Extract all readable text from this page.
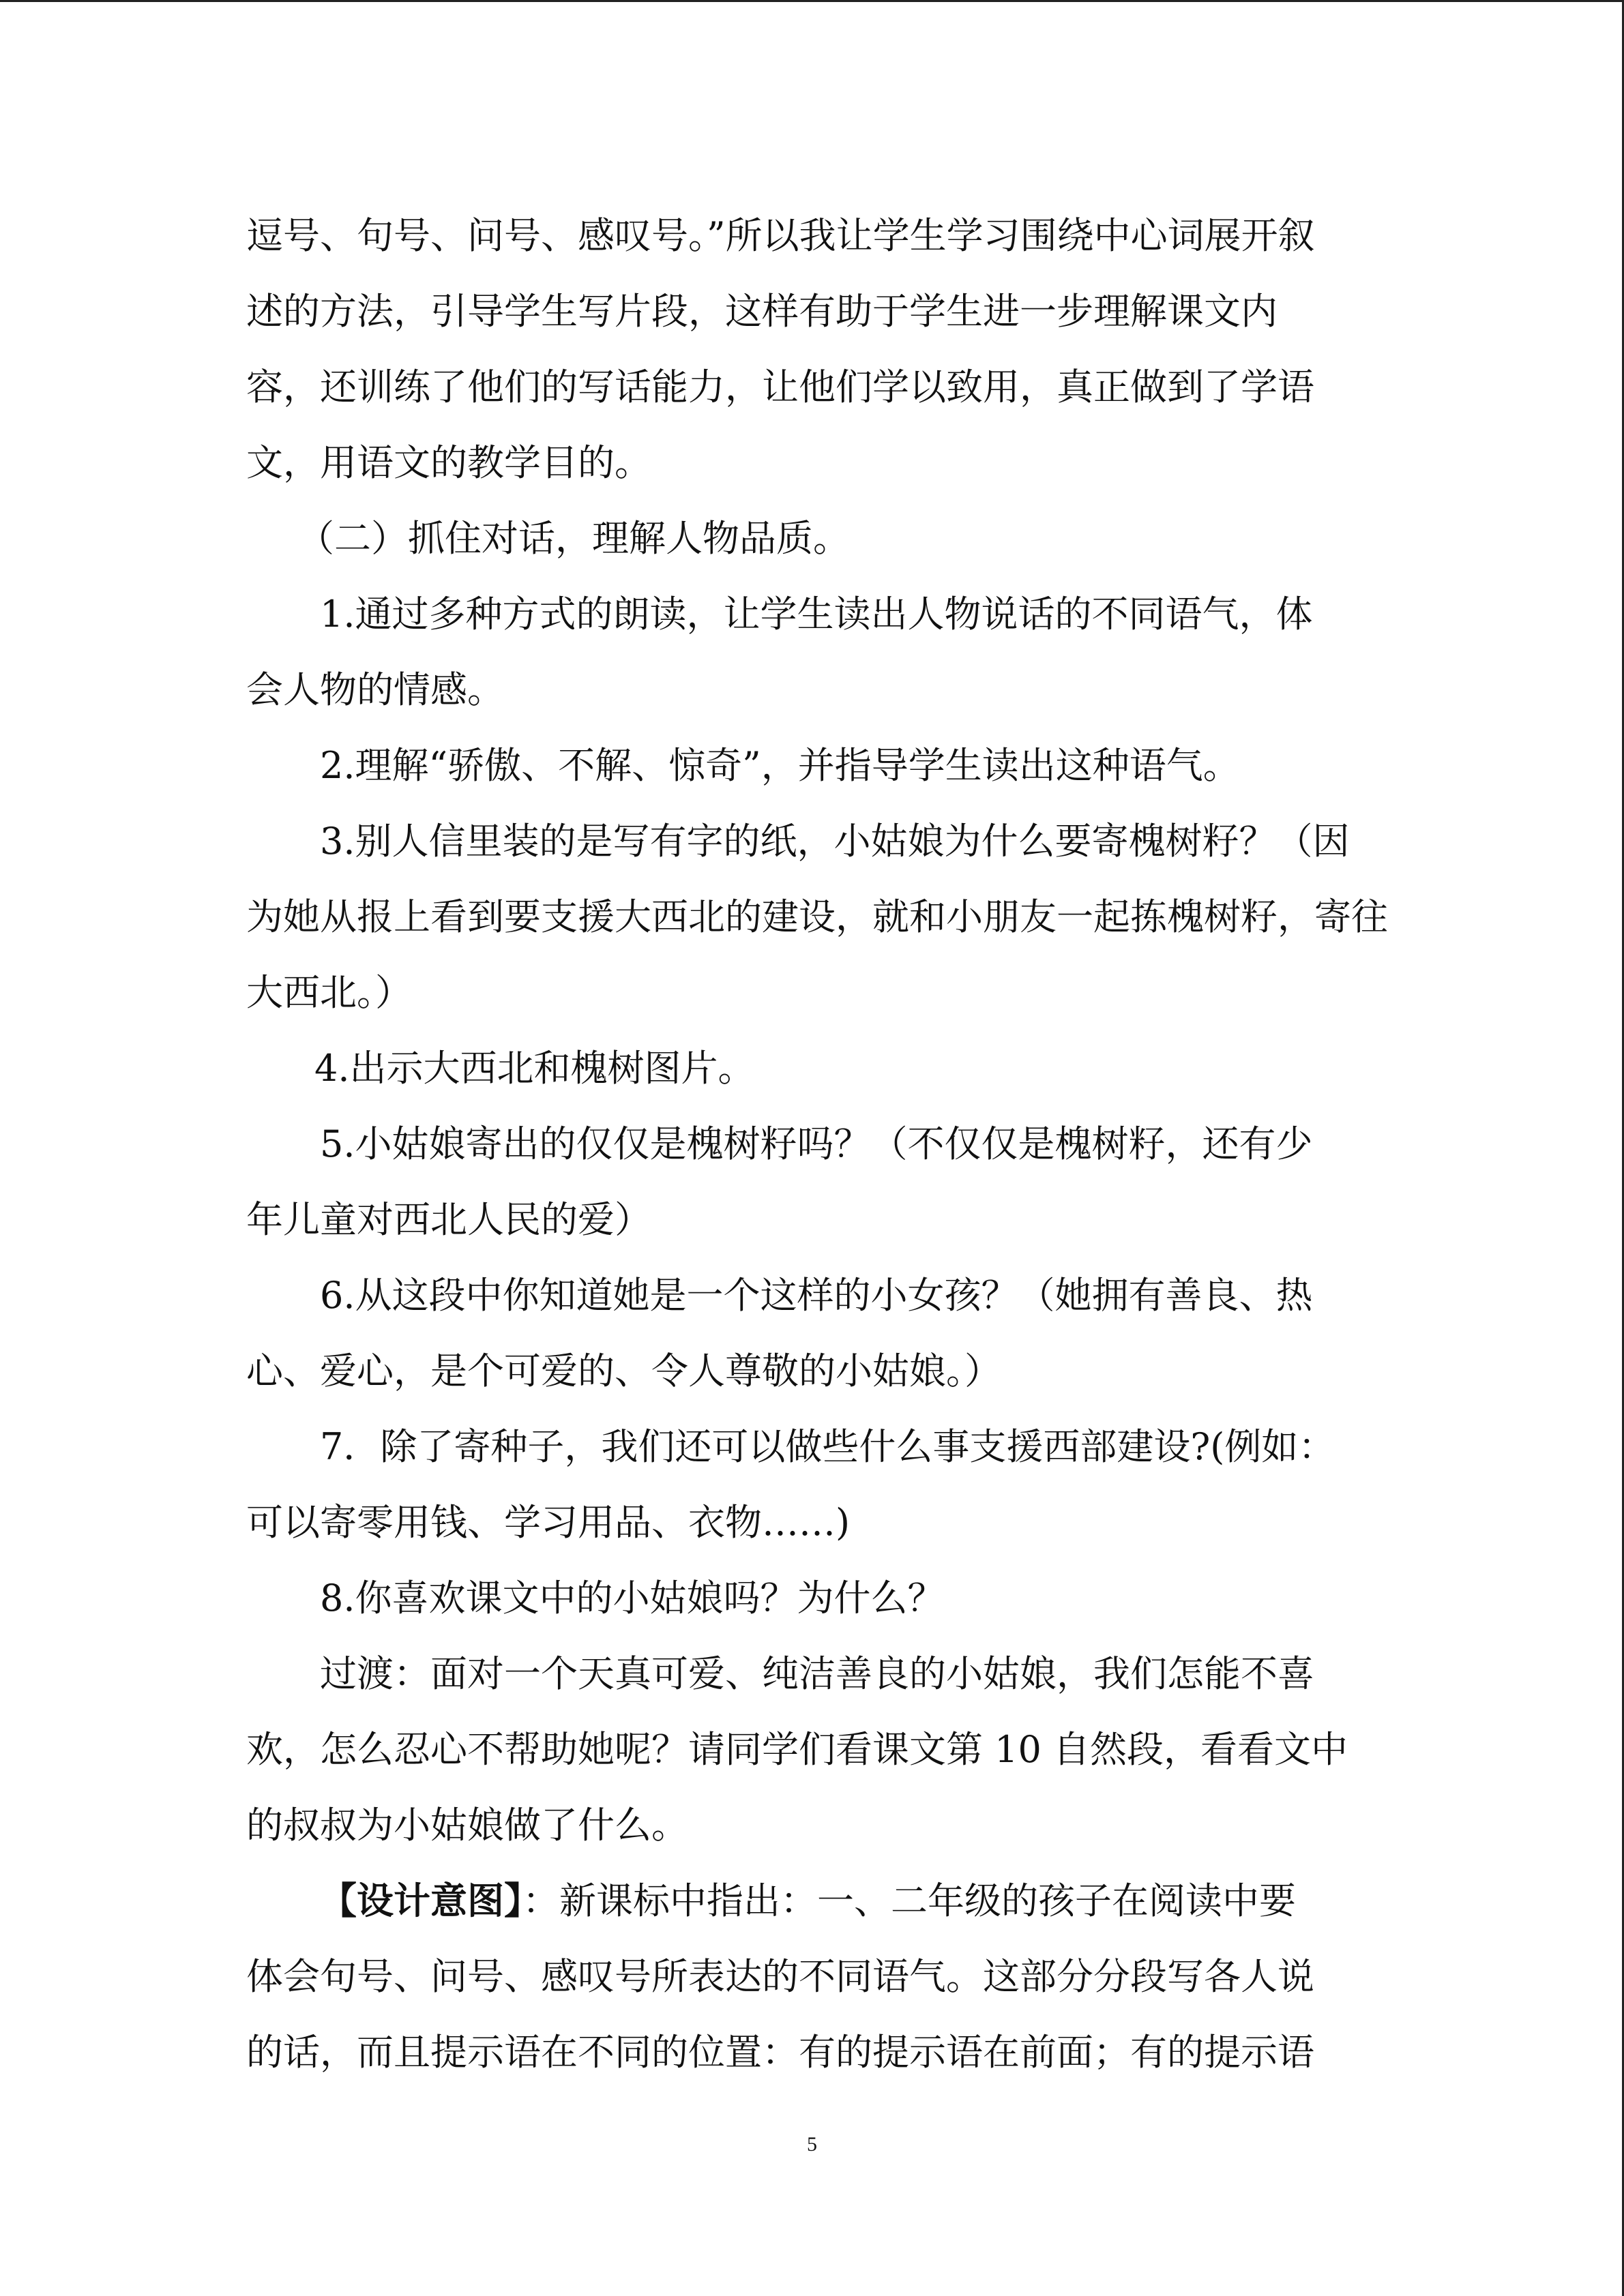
逗号、句号、问号、感叹号。”所以我让学生学习围绕中心词展开叙
述的方法，引导学生写片段，这样有助于学生进一步理解课文内
容，还训练了他们的写话能力，让他们学以致用，真正做到了学语
文，用语文的教学目的。
（二）抓住对话，理解人物品质。
1.通过多种方式的朗读，让学生读出人物说话的不同语气，体
会人物的情感。
2.理解“骄傲、不解、惊奇”，并指导学生读出这种语气。
3.别人信里装的是写有字的纸，小姑娘为什么要寄槐树籽？（因
为她从报上看到要支援大西北的建设，就和小朋友一起拣槐树籽，寄往
大西北。）
4.出示大西北和槐树图片。
5.小姑娘寄出的仅仅是槐树籽吗？（不仅仅是槐树籽，还有少
年儿童对西北人民的爱）
6.从这段中你知道她是一个这样的小女孩？（她拥有善良、热
心、爱心，是个可爱的、令人尊敬的小姑娘。）
7．除了寄种子，我们还可以做些什么事支援西部建设?(例如：
可以寄零用钱、学习用品、衣物……)
8.你喜欢课文中的小姑娘吗？为什么？
过渡：面对一个天真可爱、纯洁善良的小姑娘，我们怎能不喜
欢，怎么忍心不帮助她呢？请同学们看课文第 10 自然段，看看文中
的叔叔为小姑娘做了什么。
【设计意图】：新课标中指出：一、二年级的孩子在阅读中要
体会句号、问号、感叹号所表达的不同语气。这部分分段写各人说
的话，而且提示语在不同的位置：有的提示语在前面；有的提示语
5
